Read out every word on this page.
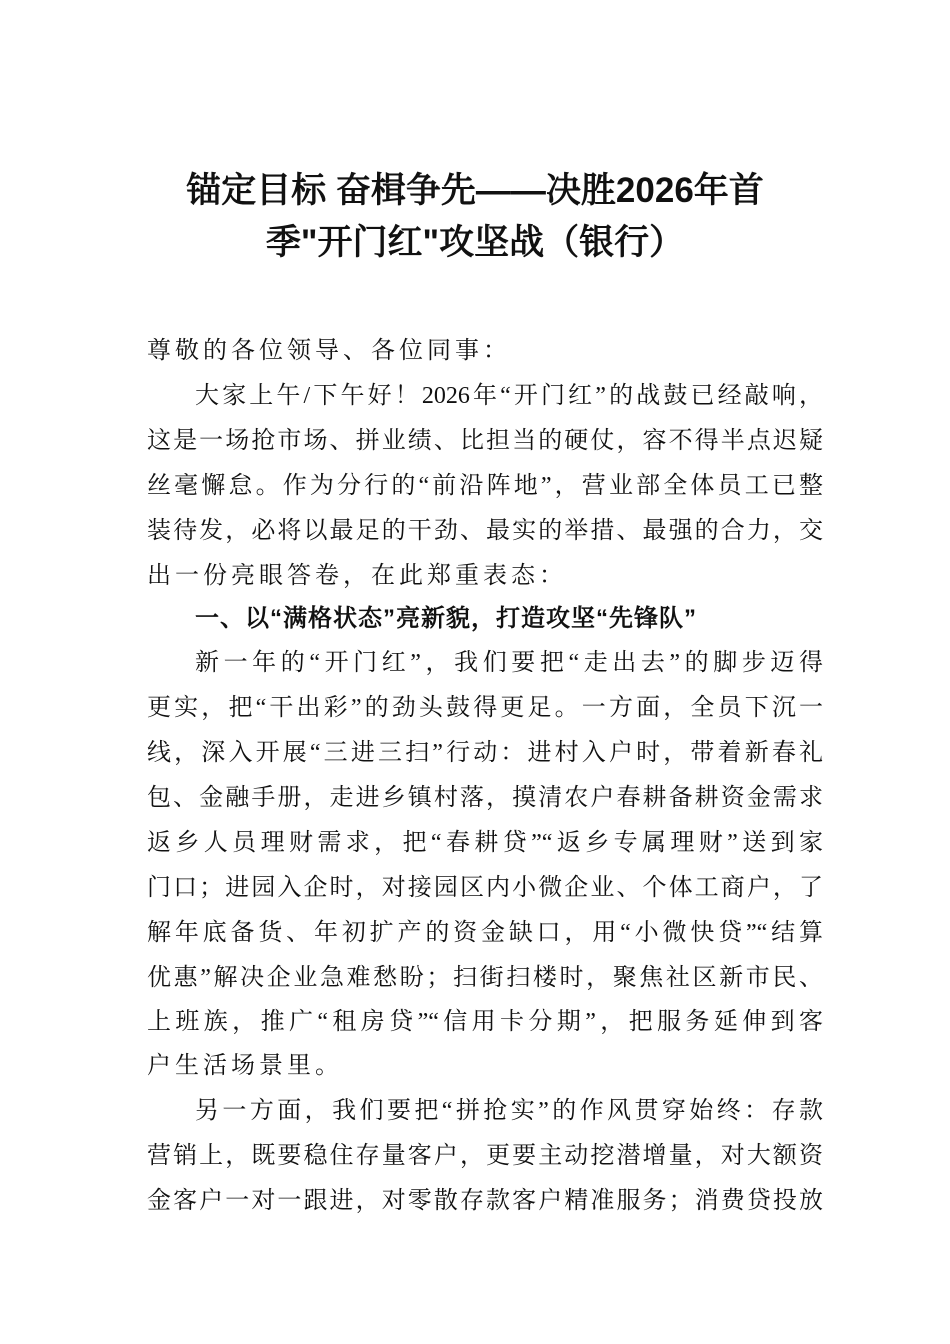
锚定目标 奋楫争先——决胜2026年首
季"开门红"攻坚战（银行）
尊敬的各位领导、各位同事：
大家上午/下午好！2026年“开门红”的战鼓已经敲响，
这是一场抢市场、拼业绩、比担当的硬仗，容不得半点迟疑
丝毫懈怠。作为分行的“前沿阵地”，营业部全体员工已整
装待发，必将以最足的干劲、最实的举措、最强的合力，交
出一份亮眼答卷，在此郑重表态：
一、以“满格状态”亮新貌，打造攻坚“先锋队”
新一年的“开门红”，我们要把“走出去”的脚步迈得
更实，把“干出彩”的劲头鼓得更足。一方面，全员下沉一
线，深入开展“三进三扫”行动：进村入户时，带着新春礼
包、金融手册，走进乡镇村落，摸清农户春耕备耕资金需求
返乡人员理财需求，把“春耕贷”“返乡专属理财”送到家
门口；进园入企时，对接园区内小微企业、个体工商户，了
解年底备货、年初扩产的资金缺口，用“小微快贷”“结算
优惠”解决企业急难愁盼；扫街扫楼时，聚焦社区新市民、
上班族，推广“租房贷”“信用卡分期”，把服务延伸到客
户生活场景里。
另一方面，我们要把“拼抢实”的作风贯穿始终：存款
营销上，既要稳住存量客户，更要主动挖潜增量，对大额资
金客户一对一跟进，对零散存款客户精准服务；消费贷投放
